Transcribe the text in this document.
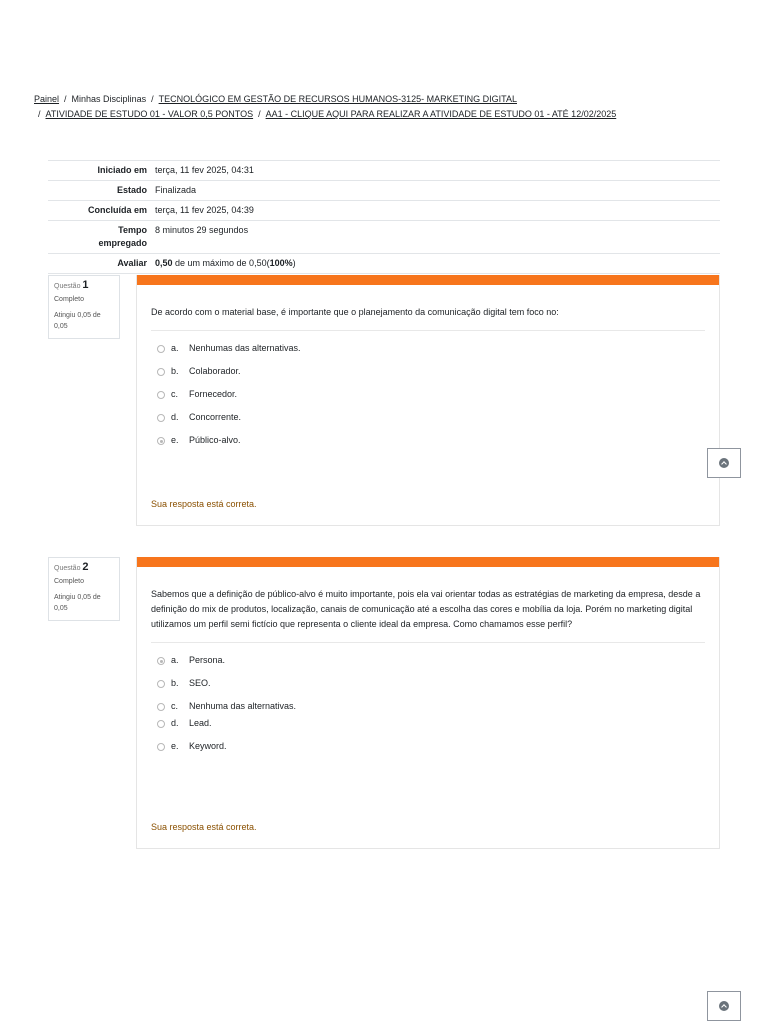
Painel / Minhas Disciplinas / TECNOLÓGICO EM GESTÃO DE RECURSOS HUMANOS-3125- MARKETING DIGITAL
/ ATIVIDADE DE ESTUDO 01 - VALOR 0,5 PONTOS / AA1 - CLIQUE AQUI PARA REALIZAR A ATIVIDADE DE ESTUDO 01 - ATÉ 12/02/2025
Iniciado em	terça, 11 fev 2025, 04:31
Estado	Finalizada
Concluída em	terça, 11 fev 2025, 04:39
Tempo
empregado	8 minutos 29 segundos
Avaliar	0,50 de um máximo de 0,50(100%)
Questão 1
Completo
Atingiu 0,05 de 0,05
De acordo com o material base, é importante que o planejamento da comunicação digital tem foco no:
a.	Nenhumas das alternativas.
b.	Colaborador.
c.	Fornecedor.
d.	Concorrente.
e.	Público-alvo.
Sua resposta está correta.
Questão 2
Completo
Atingiu 0,05 de 0,05
Sabemos que a definição de público-alvo é muito importante, pois ela vai orientar todas as estratégias de marketing da empresa, desde a definição do mix de produtos, localização, canais de comunicação até a escolha das cores e mobília da loja. Porém no marketing digital utilizamos um perfil semi fictício que representa o cliente ideal da empresa. Como chamamos esse perfil?
a.	Persona.
b.	SEO.
c.	Nenhuma das alternativas.
d.	Lead.
e.	Keyword.
Sua resposta está correta.
